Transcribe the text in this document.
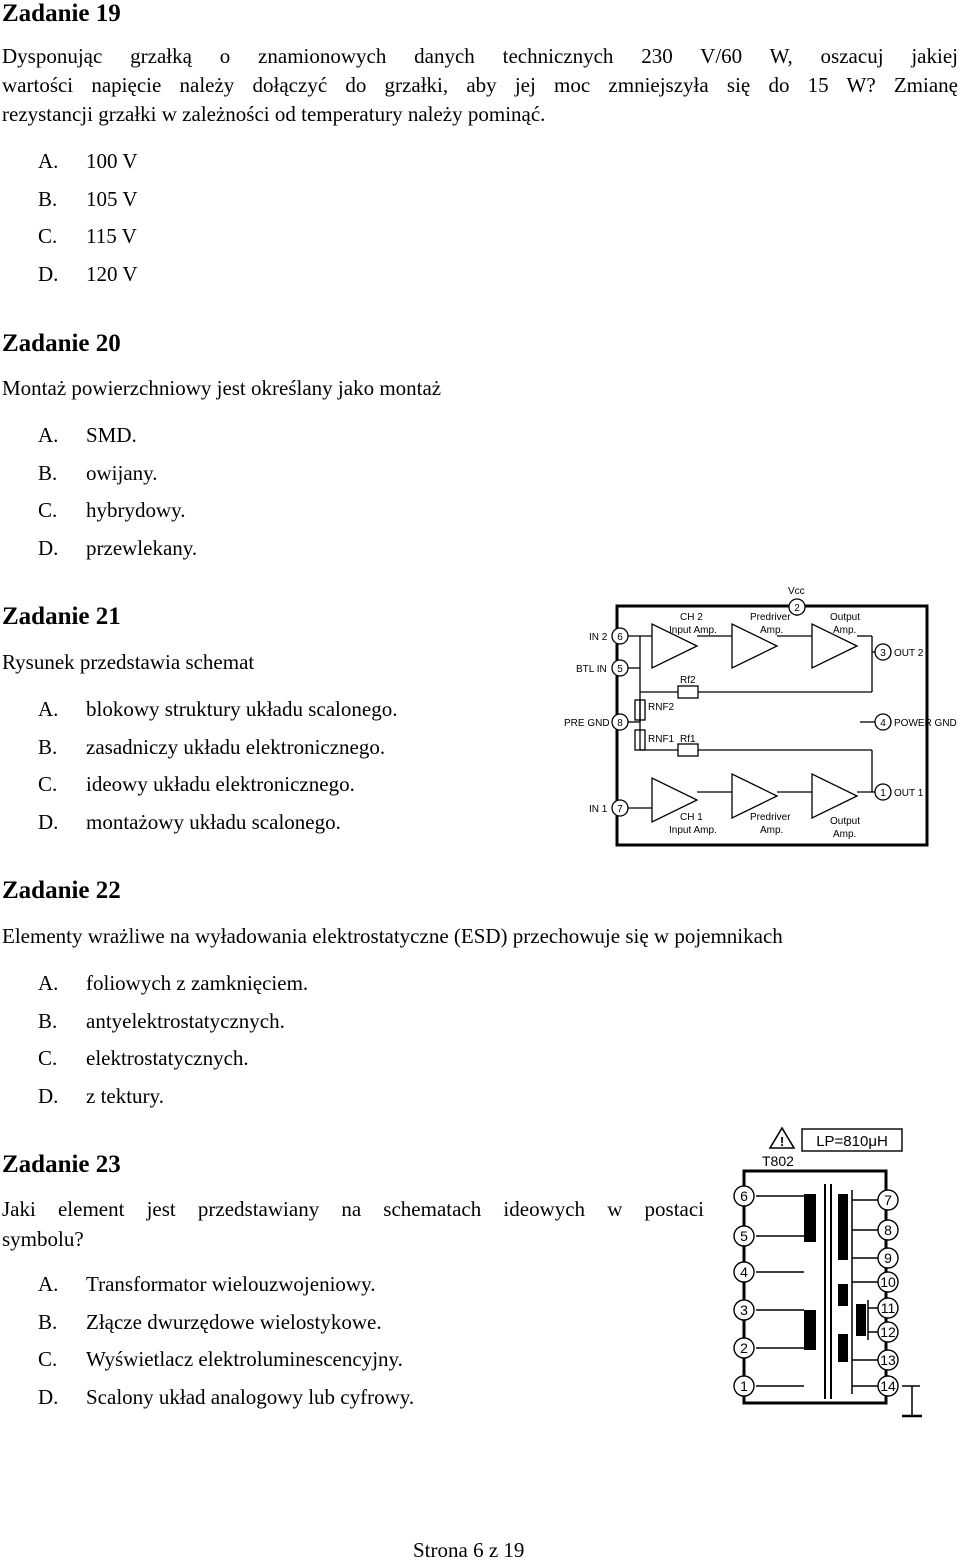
Zadanie 19
Dysponując grzałką o znamionowych danych technicznych 230 V/60 W, oszacuj jakiej
wartości napięcie należy dołączyć do grzałki, aby jej moc zmniejszyła się do 15 W? Zmianę
rezystancji grzałki w zależności od temperatury należy pominąć.
A. 100 V
B. 105 V
C. 115 V
D. 120 V
Zadanie 20
Montaż powierzchniowy jest określany jako montaż
A. SMD.
B. owijany.
C. hybrydowy.
D. przewlekany.
Zadanie 21
Rysunek przedstawia schemat
A. blokowy struktury układu scalonego.
B. zasadniczy układu elektronicznego.
C. ideowy układu elektronicznego.
D. montażowy układu scalonego.
Vcc
IN 2
BTL IN
PRE GND
IN 1
OUT 2
POWER GND
OUT 1
CH 2
Input Amp.
Predriver
Amp.
Output
Amp.
CH 1
Input Amp.
Predriver
Amp.
Output
Amp.
Rf2
RNF2
RNF1 Rf1
6
5
8
7
2
3
4
1
Zadanie 22
Elementy wrażliwe na wyładowania elektrostatyczne (ESD) przechowuje się w pojemnikach
A. foliowych z zamknięciem.
B. antyelektrostatycznych.
C. elektrostatycznych.
D. z tektury.
Zadanie 23
Jaki element jest przedstawiany na schematach ideowych w postaci
symbolu?
A. Transformator wielouzwojeniowy.
B. Złącze dwurzędowe wielostykowe.
C. Wyświetlacz elektroluminescencyjny.
D. Scalony układ analogowy lub cyfrowy.
! LP=810μH
T802
6
5
4
3
2
1
7
8
9
10
11
12
13
14
Strona 6 z 19
